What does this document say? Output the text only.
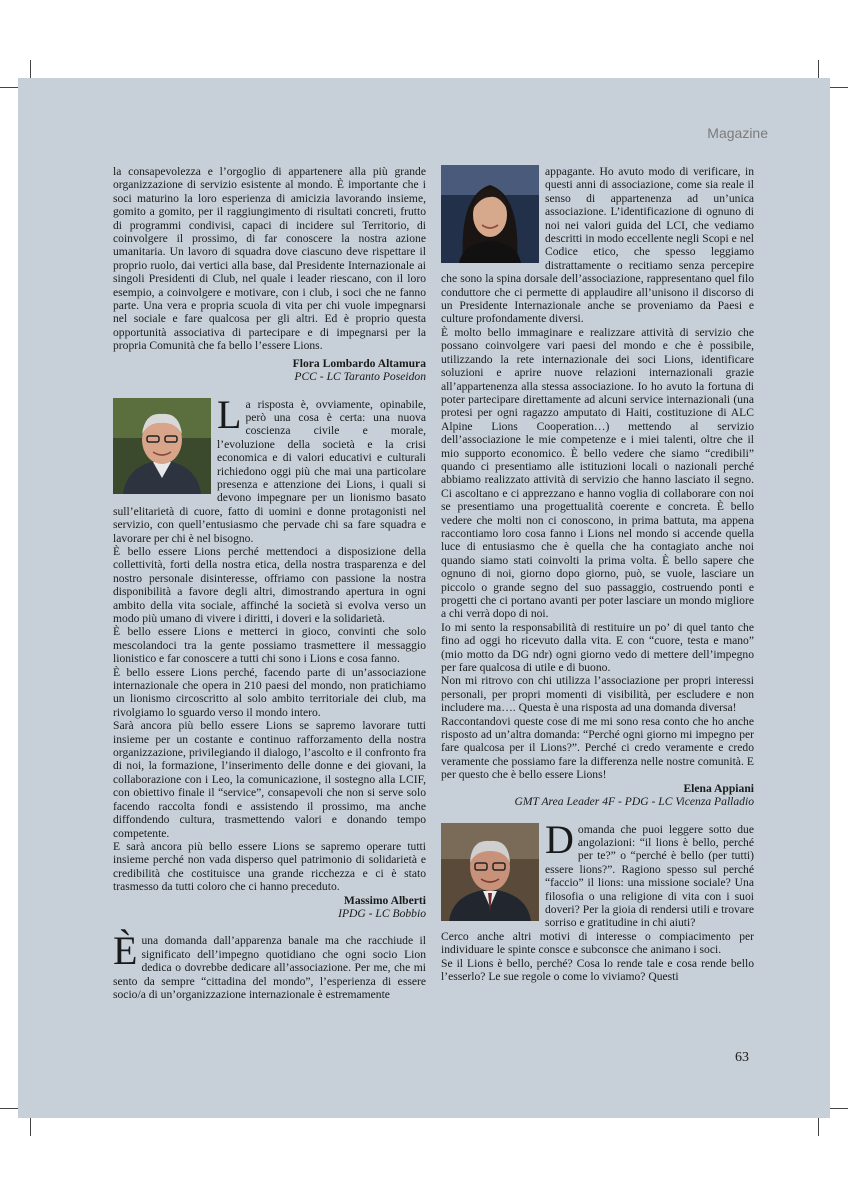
Magazine

la consapevolezza e l’orgoglio di appartenere alla più grande organizzazione di servizio esistente al mondo. È importante che i soci maturino la loro esperienza di amicizia lavorando insieme, gomito a gomito, per il raggiungimento di risultati concreti, frutto di programmi condivisi, capaci di incidere sul Territorio, di coinvolgere il prossimo, di far conoscere la nostra azione umanitaria. Un lavoro di squadra dove ciascuno deve rispettare il proprio ruolo, dai vertici alla base, dal Presidente Internazionale ai singoli Presidenti di Club, nel quale i leader riescano, con il loro esempio, a coinvolgere e motivare, con i club, i soci che ne fanno parte. Una vera e propria scuola di vita per chi vuole impegnarsi nel sociale e fare qualcosa per gli altri. Ed è proprio questa opportunità associativa di partecipare e di impegnarsi per la propria Comunità che fa bello l’essere Lions.

Flora Lombardo Altamura
PCC - LC Taranto Poseidon

La risposta è, ovviamente, opinabile, però una cosa è certa: una nuova coscienza civile e morale, l’evoluzione della società e la crisi economica e di valori educativi e culturali richiedono oggi più che mai una particolare presenza e attenzione dei Lions, i quali si devono impegnare per un lionismo basato sull’elitarietà di cuore, fatto di uomini e donne protagonisti nel servizio, con quell’entusiasmo che pervade chi sa fare squadra e lavorare per chi è nel bisogno.

È bello essere Lions perché mettendoci a disposizione della collettività, forti della nostra etica, della nostra trasparenza e del nostro personale disinteresse, offriamo con passione la nostra disponibilità a favore degli altri, dimostrando apertura in ogni ambito della vita sociale, affinché la società si evolva verso un modo più umano di vivere i diritti, i doveri e la solidarietà.

È bello essere Lions e metterci in gioco, convinti che solo mescolandoci tra la gente possiamo trasmettere il messaggio lionistico e far conoscere a tutti chi sono i Lions e cosa fanno.

È bello essere Lions perché, facendo parte di un’associazione internazionale che opera in 210 paesi del mondo, non pratichiamo un lionismo circoscritto al solo ambito territoriale dei club, ma rivolgiamo lo sguardo verso il mondo intero.

Sarà ancora più bello essere Lions se sapremo lavorare tutti insieme per un costante e continuo rafforzamento della nostra organizzazione, privilegiando il dialogo, l’ascolto e il confronto fra di noi, la formazione, l’inserimento delle donne e dei giovani, la collaborazione con i Leo, la comunicazione, il sostegno alla LCIF, con obiettivo finale il “service”, consapevoli che non si serve solo facendo raccolta fondi e assistendo il prossimo, ma anche diffondendo cultura, trasmettendo valori e donando tempo competente.

E sarà ancora più bello essere Lions se sapremo operare tutti insieme perché non vada disperso quel patrimonio di solidarietà e credibilità che costituisce una grande ricchezza e ci è stato trasmesso da tutti coloro che ci hanno preceduto.

Massimo Alberti
IPDG - LC Bobbio

Èuna domanda dall’apparenza banale ma che racchiude il significato dell’impegno quotidiano che ogni socio Lion dedica o dovrebbe dedicare all’associazione. Per me, che mi sento da sempre “cittadina del mondo”, l’esperienza di essere socio/a di un’organizzazione internazionale è estremamente

appagante. Ho avuto modo di verificare, in questi anni di associazione, come sia reale il senso di appartenenza ad un’unica associazione. L’identificazione di ognuno di noi nei valori guida del LCI, che vediamo descritti in modo eccellente negli Scopi e nel Codice etico, che spesso leggiamo distrattamente o recitiamo senza percepire che sono la spina dorsale dell’associazione, rappresentano quel filo conduttore che ci permette di applaudire all’unisono il discorso di un Presidente Internazionale anche se proveniamo da Paesi e culture profondamente diversi.

È molto bello immaginare e realizzare attività di servizio che possano coinvolgere vari paesi del mondo e che è possibile, utilizzando la rete internazionale dei soci Lions, identificare soluzioni e aprire nuove relazioni internazionali grazie all’appartenenza alla stessa associazione. Io ho avuto la fortuna di poter partecipare direttamente ad alcuni service internazionali (una protesi per ogni ragazzo amputato di Haiti, costituzione di ALC Alpine Lions Cooperation…) mettendo al servizio dell’associazione le mie competenze e i miei talenti, oltre che il mio supporto economico. È bello vedere che siamo “credibili” quando ci presentiamo alle istituzioni locali o nazionali perché abbiamo realizzato attività di servizio che hanno lasciato il segno. Ci ascoltano e ci apprezzano e hanno voglia di collaborare con noi se presentiamo una progettualità coerente e concreta. È bello vedere che molti non ci conoscono, in prima battuta, ma appena raccontiamo loro cosa fanno i Lions nel mondo si accende quella luce di entusiasmo che è quella che ha contagiato anche noi quando siamo stati coinvolti la prima volta. È bello sapere che ognuno di noi, giorno dopo giorno, può, se vuole, lasciare un piccolo o grande segno del suo passaggio, costruendo ponti e progetti che ci portano avanti per poter lasciare un mondo migliore a chi verrà dopo di noi.

Io mi sento la responsabilità di restituire un po’ di quel tanto che fino ad oggi ho ricevuto dalla vita. E con “cuore, testa e mano” (mio motto da DG ndr) ogni giorno vedo di mettere dell’impegno per fare qualcosa di utile e di buono.

Non mi ritrovo con chi utilizza l’associazione per propri interessi personali, per propri momenti di visibilità, per escludere e non includere ma…. Questa è una risposta ad una domanda diversa!

Raccontandovi queste cose di me mi sono resa conto che ho anche risposto ad un’altra domanda: “Perché ogni giorno mi impegno per fare qualcosa per il Lions?”. Perché ci credo veramente e credo veramente che possiamo fare la differenza nelle nostre comunità. E per questo che è bello essere Lions!

Elena Appiani
GMT Area Leader 4F - PDG - LC Vicenza Palladio

Domanda che puoi leggere sotto due angolazioni: “il lions è bello, perché per te?” o “perché è bello (per tutti) essere lions?”. Ragiono spesso sul perché “faccio” il lions: una missione sociale? Una filosofia o una religione di vita con i suoi doveri? Per la gioia di rendersi utili e trovare sorriso e gratitudine in chi aiuti?

Cerco anche altri motivi di interesse o compiacimento per individuare le spinte consce e subconsce che animano i soci.

Se il Lions è bello, perché? Cosa lo rende tale e cosa rende bello l’esserlo? Le sue regole o come lo viviamo? Questi

63
